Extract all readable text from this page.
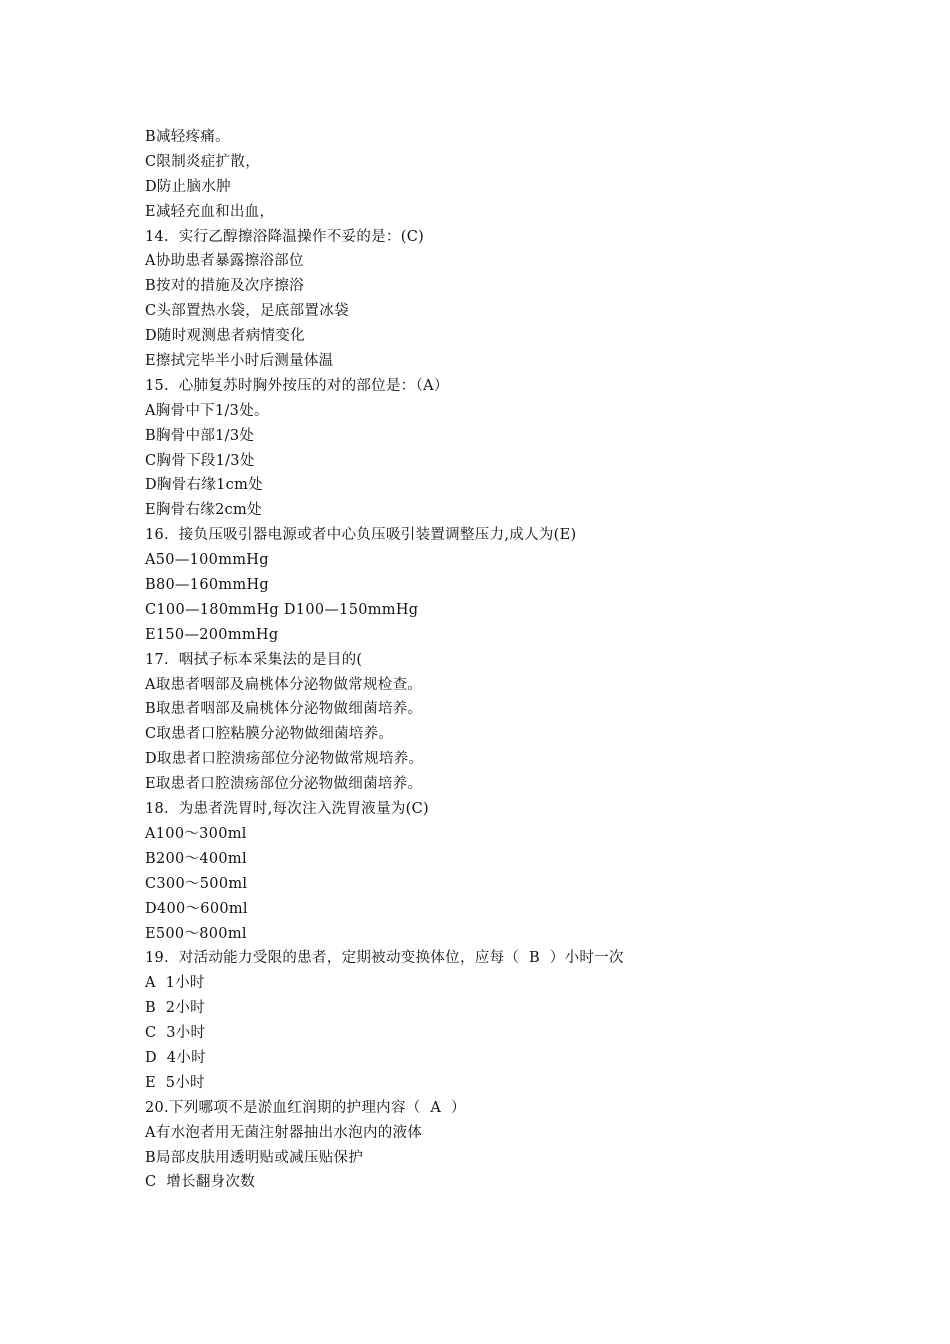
B减轻疼痛。
C限制炎症扩散，
D防止脑水肿
E减轻充血和出血，
14.  实行乙醇擦浴降温操作不妥的是：(C)
A协助患者暴露擦浴部位
B按对的措施及次序擦浴
C头部置热水袋，足底部置冰袋
D随时观测患者病情变化
E擦拭完毕半小时后测量体温
15.  心肺复苏时胸外按压的对的部位是：（A）
A胸骨中下1/3处。
B胸骨中部1/3处
C胸骨下段1/3处
D胸骨右缘1cm处
E胸骨右缘2cm处
16.  接负压吸引器电源或者中心负压吸引装置调整压力,成人为(E)
A50—100mmHg
B80—160mmHg
C100—180mmHg D100—150mmHg
E150—200mmHg
17.  咽拭子标本采集法的是目的(
A取患者咽部及扁桃体分泌物做常规检查。
B取患者咽部及扁桃体分泌物做细菌培养。
C取患者口腔粘膜分泌物做细菌培养。
D取患者口腔溃疡部位分泌物做常规培养。
E取患者口腔溃疡部位分泌物做细菌培养。
18.  为患者洗胃时,每次注入洗胃液量为(C)
A100～300ml
B200～400ml
C300～500ml
D400～600ml
E500～800ml
19.  对活动能力受限的患者，定期被动变换体位，应每（  B  ）小时一次
A  1小时
B  2小时
C  3小时
D  4小时
E  5小时
20.下列哪项不是淤血红润期的护理内容（  A  ）
A有水泡者用无菌注射器抽出水泡内的液体
B局部皮肤用透明贴或减压贴保护
C  增长翻身次数
